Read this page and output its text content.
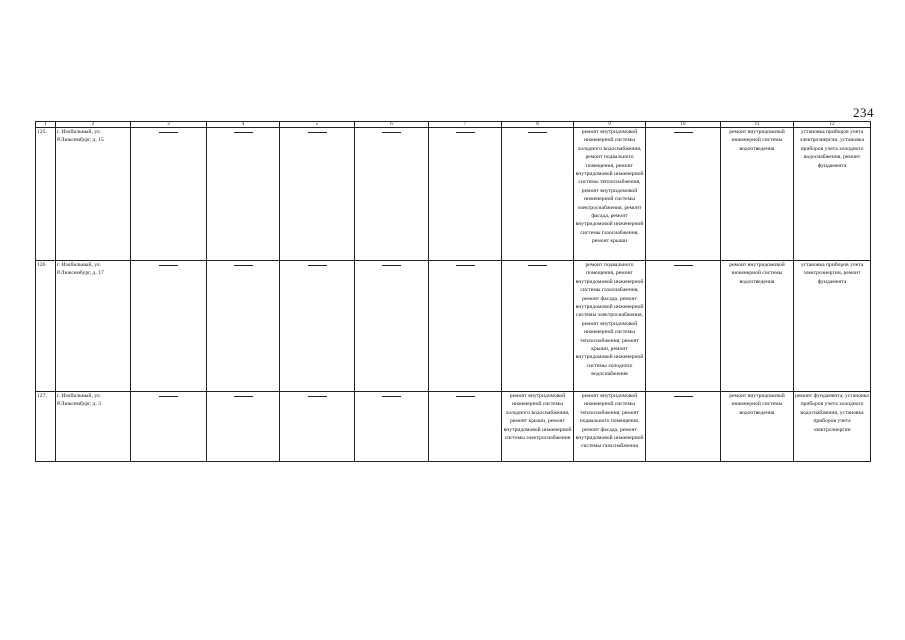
234
1	2	3	4	5	6	7	8	9	10	11	12
125.	г. Изобильный, ул. Р.Люксембург, д. 15							ремонт внутридомовой инженерной системы холодного водоснабжения, ремонт подвального помещения, ремонт внутридомовой инженерной системы теплоснабжения, ремонт внутридомовой инженерной системы электроснабжения, ремонт фасада, ремонт внутридомовой инженерной системы газоснабжения, ремонт крыши		ремонт внутридомовой инженерной системы водоотведения	установка приборов учета электроэнергии, установка приборов учета холодного водоснабжения, ремонт фундамента
126	г. Изобильный, ул. Р.Люксембург, д. 17							ремонт подвального помещения, ремонт внутридомовой инженерной системы газоснабжения, ремонт фасада, ремонт внутридомовой инженерной системы электроснабжения, ремонт внутридомовой инженерной системы теплоснабжения, ремонт крыши, ремонт внутридомовой инженерной системы холодного водоснабжения		ремонт внутридомовой инженерной системы водоотведения	установка приборов учета электроэнергии, ремонт фундамента
127.	г. Изобильный, ул. Р.Люксембург, д. 3						ремонт внутридомовой инженерной системы холодного водоснабжения, ремонт крыши, ремонт внутридомовой инженерной системы электроснабжения	ремонт внутридомовой инженерной системы теплоснабжения, ремонт подвального помещения, ремонт фасада, ремонт внутридомовой инженерной системы газоснабжения		ремонт внутридомовой инженерной системы водоотведения	ремонт фундамента, установка приборов учета холодного водоснабжения, установка приборов учета электроэнергии
